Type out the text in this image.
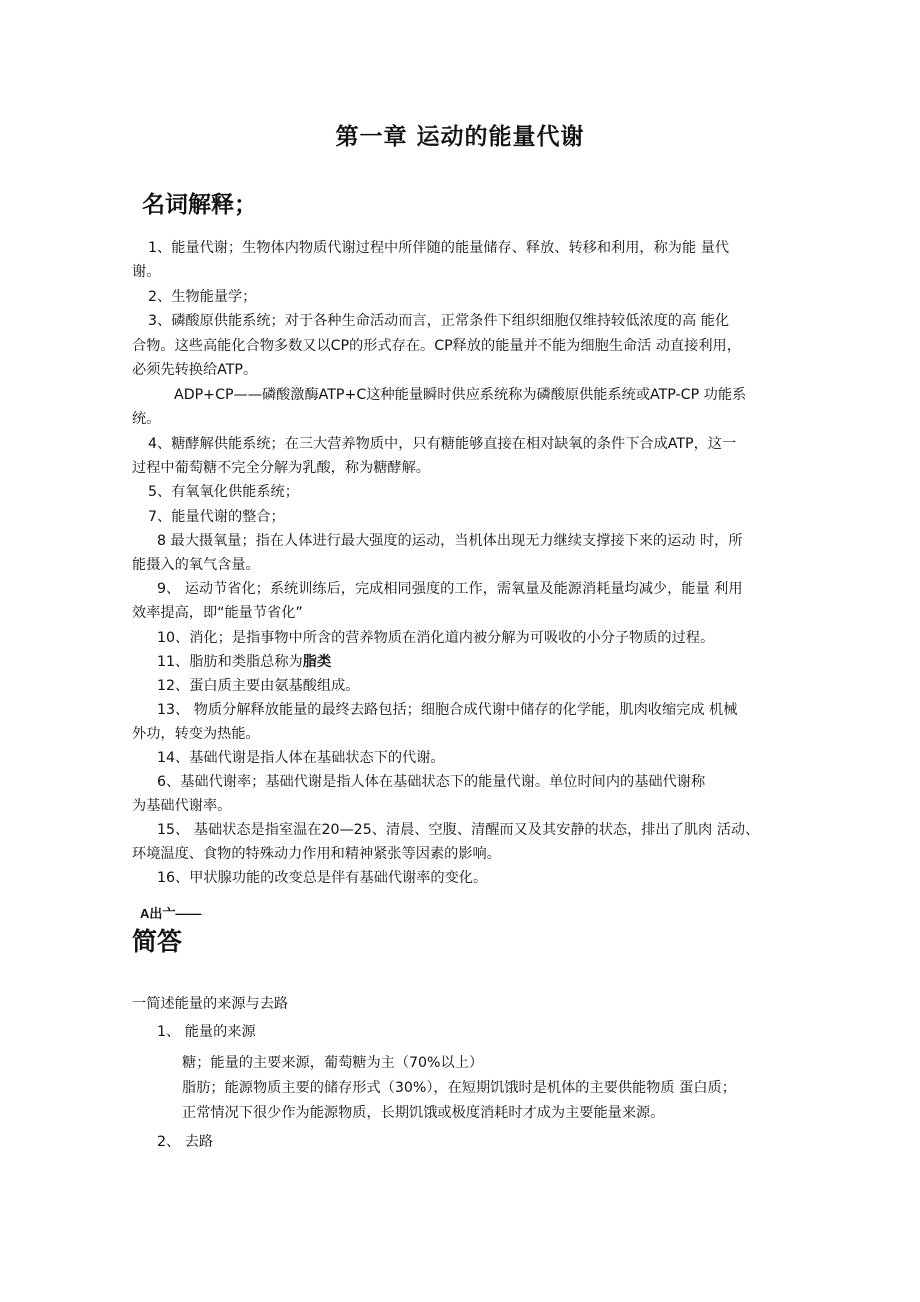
第一章 运动的能量代谢
名词解释；
1、能量代谢；生物体内物质代谢过程中所伴随的能量储存、释放、转移和利用，称为能 量代
谢。
2、生物能量学；
3、磷酸原供能系统；对于各种生命活动而言，正常条件下组织细胞仅维持较低浓度的高 能化
合物。这些高能化合物多数又以CP的形式存在。CP释放的能量并不能为细胞生命活 动直接利用，
必须先转换给ATP。
ADP+CP——磷酸激酶ATP+C这种能量瞬时供应系统称为磷酸原供能系统或ATP-CP 功能系
统。
4、糖酵解供能系统；在三大营养物质中，只有糖能够直接在相对缺氧的条件下合成ATP，这一
过程中葡萄糖不完全分解为乳酸，称为糖酵解。
5、有氧氧化供能系统；
7、能量代谢的整合；
8 最大摄氧量；指在人体进行最大强度的运动，当机体出现无力继续支撑接下来的运动 时，所
能摄入的氧气含量。
9、 运动节省化；系统训练后，完成相同强度的工作，需氧量及能源消耗量均减少，能量 利用
效率提高，即“能量节省化”
10、消化；是指事物中所含的营养物质在消化道内被分解为可吸收的小分子物质的过程。
11、脂肪和类脂总称为脂类
12、蛋白质主要由氨基酸组成。
13、 物质分解释放能量的最终去路包括；细胞合成代谢中储存的化学能，肌肉收缩完成 机械
外功，转变为热能。
14、基础代谢是指人体在基础状态下的代谢。
6、基础代谢率；基础代谢是指人体在基础状态下的能量代谢。单位时间内的基础代谢称
为基础代谢率。
15、 基础状态是指室温在20—25、清晨、空腹、清醒而又及其安静的状态，排出了肌肉 活动、
环境温度、食物的特殊动力作用和精神紧张等因素的影响。
16、甲状腺功能的改变总是伴有基础代谢率的变化。
A出亠——
简答
一简述能量的来源与去路
1、 能量的来源
糖；能量的主要来源，葡萄糖为主（70%以上）
脂肪；能源物质主要的储存形式（30%），在短期饥饿时是机体的主要供能物质 蛋白质；
正常情况下很少作为能源物质，长期饥饿或极度消耗时才成为主要能量来源。
2、 去路
